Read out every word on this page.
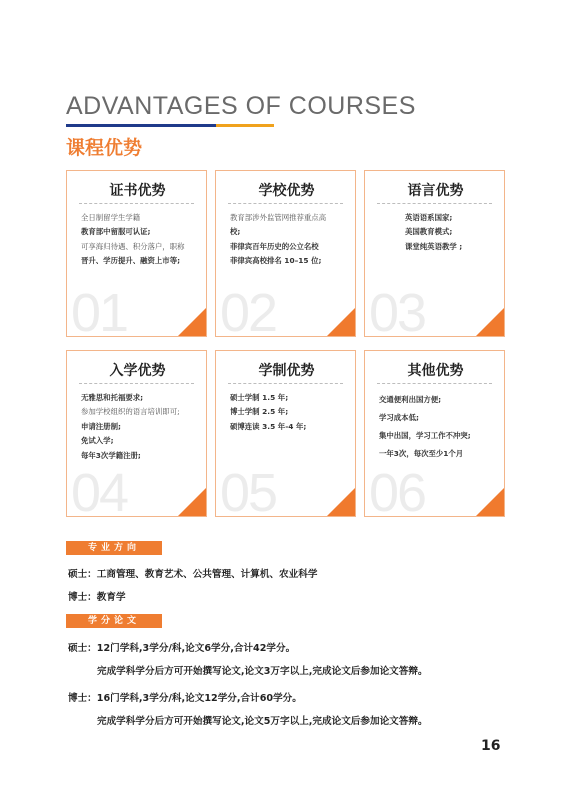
ADVANTAGES OF COURSES
课程优势
01
证书优势
全日制留学生学籍
教育部中留服可认证;
可享海归待遇、积分落户，职称
晋升、学历提升、融资上市等;
02
学校优势
教育部涉外监管网推荐重点高
校;
菲律宾百年历史的公立名校
菲律宾高校排名 10–15 位;
03
语言优势
英语语系国家;
美国教育模式;
课堂纯英语教学 ;
04
入学优势
无雅思和托福要求;
参加学校组织的语言培训即可;
申请注册制;
免试入学;
每年3次学籍注册;
05
学制优势
硕士学制 1.5 年;
博士学制 2.5 年;
硕博连读 3.5 年-4 年;
06
其他优势
交通便利出国方便;
学习成本低;
集中出国，学习工作不冲突;
一年3次，每次至少1个月
专业方向
硕士：工商管理、教育艺术、公共管理、计算机、农业科学
博士：教育学
学分论文
硕士：12门学科,3学分/科,论文6学分,合计42学分。
完成学科学分后方可开始撰写论文,论文3万字以上,完成论文后参加论文答辩。
博士：16门学科,3学分/科,论文12学分,合计60学分。
完成学科学分后方可开始撰写论文,论文5万字以上,完成论文后参加论文答辩。
16
